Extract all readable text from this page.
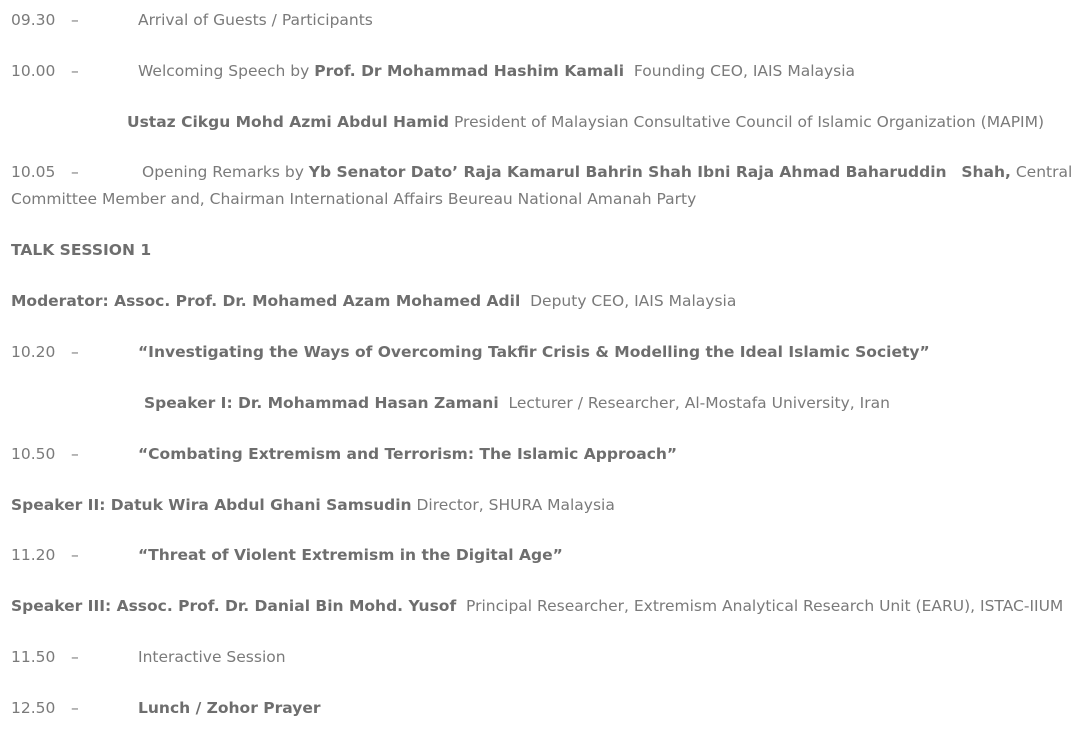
09.30 –	Arrival of Guests / Participants
10.00 –	Welcoming Speech by Prof. Dr Mohammad Hashim Kamali  Founding CEO, IAIS Malaysia
Ustaz Cikgu Mohd Azmi Abdul Hamid President of Malaysian Consultative Council of Islamic Organization (MAPIM)
10.05 –	Opening Remarks by Yb Senator Dato’ Raja Kamarul Bahrin Shah Ibni Raja Ahmad Baharuddin Shah, Central
Committee Member and, Chairman International Affairs Beureau National Amanah Party
TALK SESSION 1
Moderator: Assoc. Prof. Dr. Mohamed Azam Mohamed Adil  Deputy CEO, IAIS Malaysia
10.20 –	“Investigating the Ways of Overcoming Takfir Crisis & Modelling the Ideal Islamic Society”
Speaker I: Dr. Mohammad Hasan Zamani  Lecturer / Researcher, Al-Mostafa University, Iran
10.50 –	“Combating Extremism and Terrorism: The Islamic Approach”
Speaker II: Datuk Wira Abdul Ghani Samsudin Director, SHURA Malaysia
11.20 –	“Threat of Violent Extremism in the Digital Age”
Speaker III: Assoc. Prof. Dr. Danial Bin Mohd. Yusof  Principal Researcher, Extremism Analytical Research Unit (EARU), ISTAC-IIUM
11.50 –	Interactive Session
12.50 –	Lunch / Zohor Prayer
